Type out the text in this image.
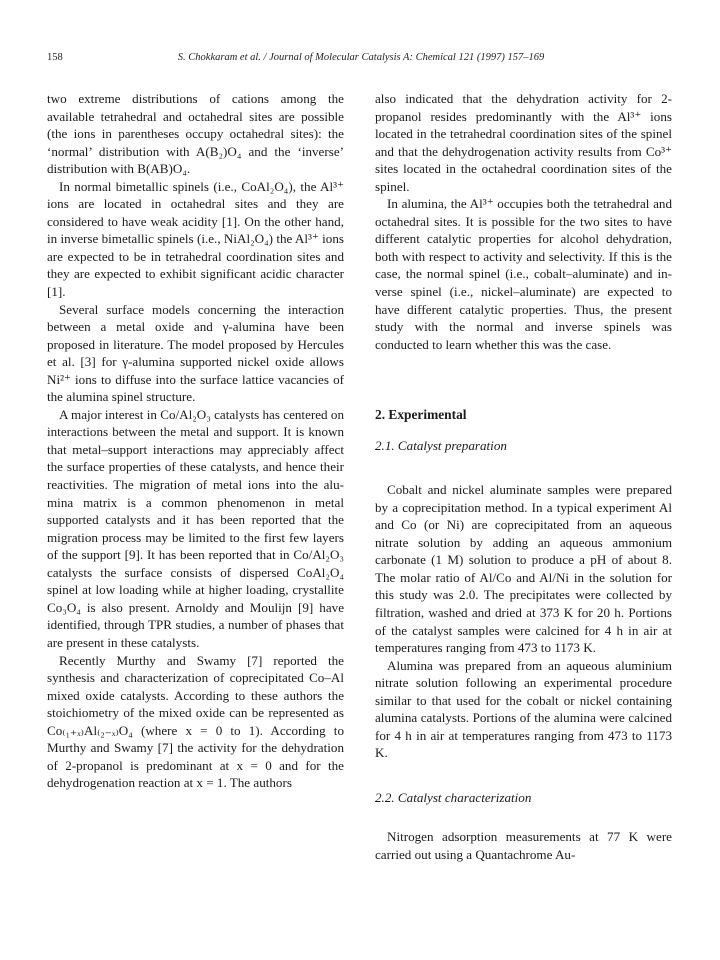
158	S. Chokkaram et al. / Journal of Molecular Catalysis A: Chemical 121 (1997) 157–169

two extreme distributions of cations among the available tetrahedral and octahedral sites are possible (the ions in parentheses occupy octahedral sites): the ‘normal’ distribution with A(B₂)O₄ and the ‘inverse’ distribution with B(AB)O₄.

In normal bimetallic spinels (i.e., CoAl₂O₄), the Al³⁺ ions are located in octahedral sites and they are considered to have weak acidity [1]. On the other hand, in inverse bimetallic spinels (i.e., NiAl₂O₄) the Al³⁺ ions are expected to be in tetrahedral coordination sites and they are expected to exhibit significant acidic character [1].

Several surface models concerning the interaction between a metal oxide and γ-alumina have been proposed in literature. The model proposed by Hercules et al. [3] for γ-alumina supported nickel oxide allows Ni²⁺ ions to diffuse into the surface lattice vacancies of the alumina spinel structure.

A major interest in Co/Al₂O₃ catalysts has centered on interactions between the metal and support. It is known that metal–support interactions may appreciably affect the surface properties of these catalysts, and hence their reactivities. The migration of metal ions into the alumina matrix is a common phenomenon in metal supported catalysts and it has been reported that the migration process may be limited to the first few layers of the support [9]. It has been reported that in Co/Al₂O₃ catalysts the surface consists of dispersed CoAl₂O₄ spinel at low loading while at higher loading, crystallite Co₃O₄ is also present. Arnoldy and Moulijn [9] have identified, through TPR studies, a number of phases that are present in these catalysts.

Recently Murthy and Swamy [7] reported the synthesis and characterization of coprecipitated Co–Al mixed oxide catalysts. According to these authors the stoichiometry of the mixed oxide can be represented as Co₍₁₊ₓ₎Al₍₂₋ₓ₎O₄ (where x = 0 to 1). According to Murthy and Swamy [7] the activity for the dehydration of 2-propanol is predominant at x = 0 and for the dehydrogenation reaction at x = 1. The authors

also indicated that the dehydration activity for 2-propanol resides predominantly with the Al³⁺ ions located in the tetrahedral coordination sites of the spinel and that the dehydrogenation activity results from Co³⁺ sites located in the octahedral coordination sites of the spinel.

In alumina, the Al³⁺ occupies both the tetrahedral and octahedral sites. It is possible for the two sites to have different catalytic properties for alcohol dehydration, both with respect to activity and selectivity. If this is the case, the normal spinel (i.e., cobalt–aluminate) and inverse spinel (i.e., nickel–aluminate) are expected to have different catalytic properties. Thus, the present study with the normal and inverse spinels was conducted to learn whether this was the case.

2. Experimental
2.1. Catalyst preparation

Cobalt and nickel aluminate samples were prepared by a coprecipitation method. In a typical experiment Al and Co (or Ni) are coprecipitated from an aqueous nitrate solution by adding an aqueous ammonium carbonate (1 M) solution to produce a pH of about 8. The molar ratio of Al/Co and Al/Ni in the solution for this study was 2.0. The precipitates were collected by filtration, washed and dried at 373 K for 20 h. Portions of the catalyst samples were calcined for 4 h in air at temperatures ranging from 473 to 1173 K.

Alumina was prepared from an aqueous aluminium nitrate solution following an experimental procedure similar to that used for the cobalt or nickel containing alumina catalysts. Portions of the alumina were calcined for 4 h in air at temperatures ranging from 473 to 1173 K.

2.2. Catalyst characterization

Nitrogen adsorption measurements at 77 K were carried out using a Quantachrome Au-
